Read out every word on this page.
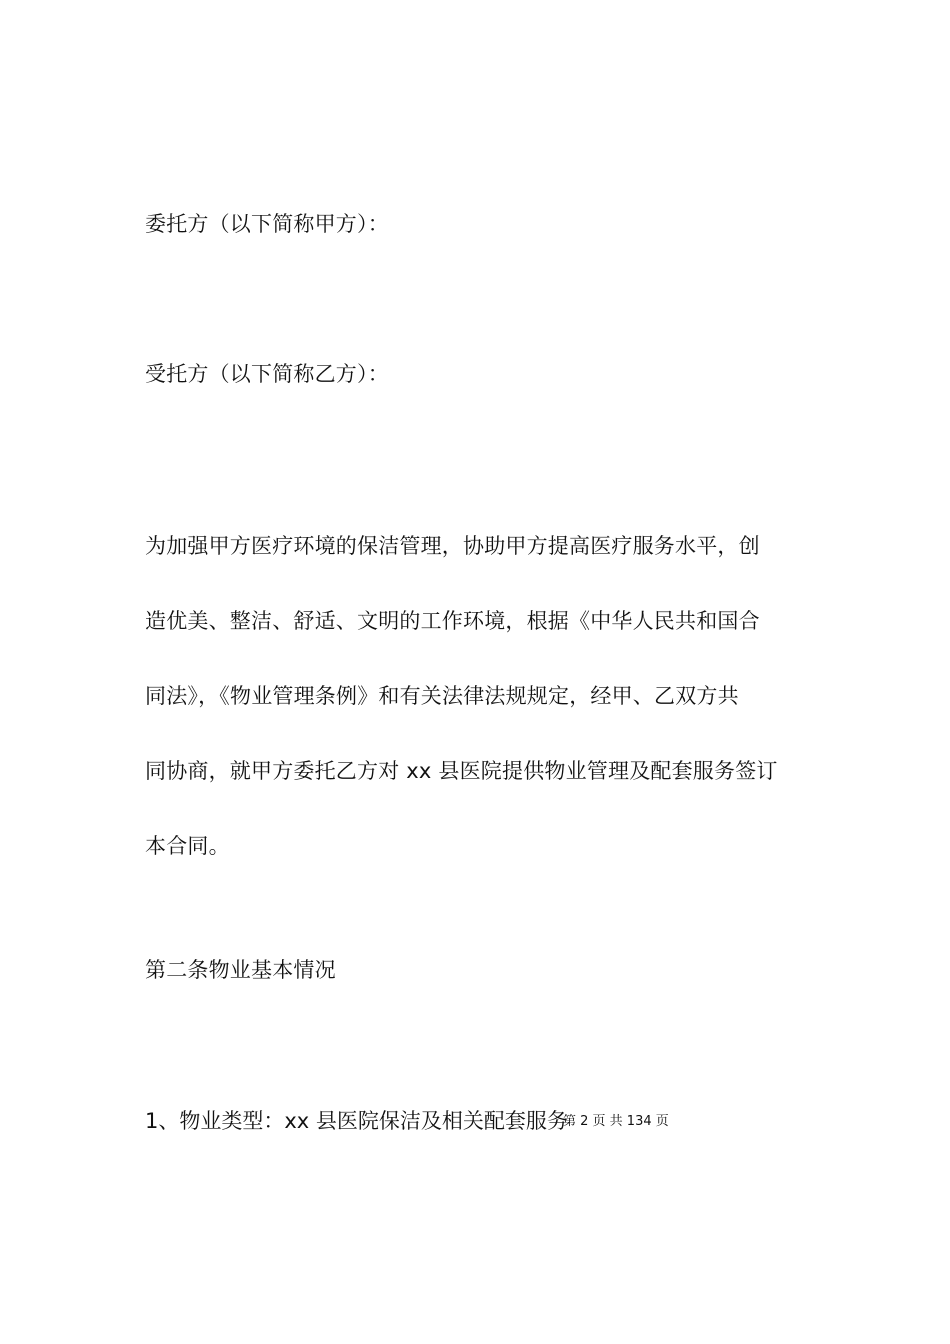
委托方（以下简称甲方）：
受托方（以下简称乙方）：

为加强甲方医疗环境的保洁管理，协助甲方提高医疗服务水平，创

造优美、整洁、舒适、文明的工作环境，根据《中华人民共和国合

同法》，《物业管理条例》和有关法律法规规定，经甲、乙双方共

同协商，就甲方委托乙方对 xx 县医院提供物业管理及配套服务签订

本合同。

第二条物业基本情况
1、物业类型：xx 县医院保洁及相关配套服务
第 2 页 共 134 页
